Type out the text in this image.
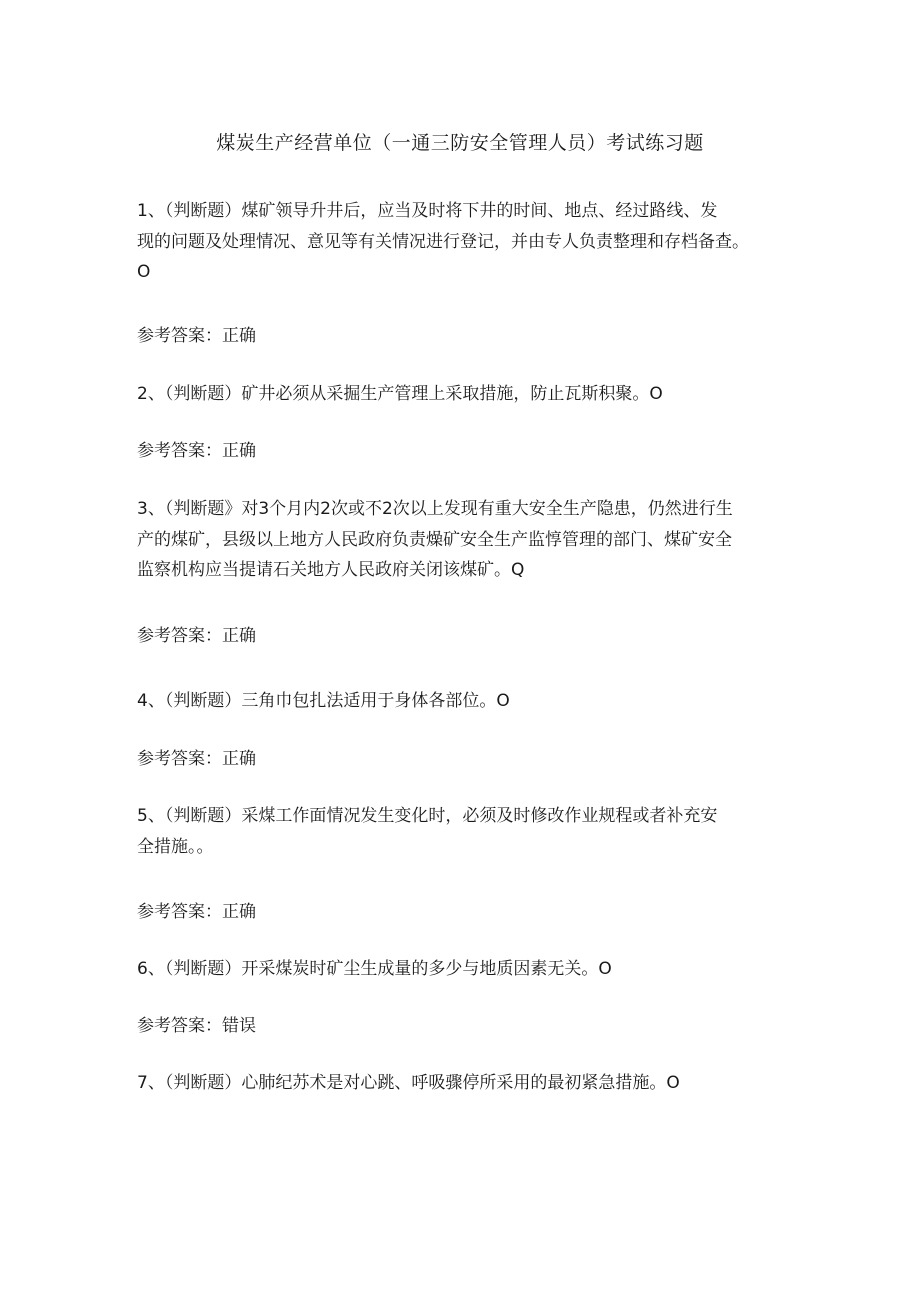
煤炭生产经营单位（一通三防安全管理人员）考试练习题
1、（判断题）煤矿领导升井后，应当及时将下井的时间、地点、经过路线、发
现的问题及处理情况、意见等有关情况进行登记，并由专人负责整理和存档备查。
O
参考答案：正确
2、（判断题）矿井必须从采掘生产管理上采取措施，防止瓦斯积聚。O
参考答案：正确
3、（判断题》对3个月内2次或不2次以上发现有重大安全生产隐患，仍然进行生
产的煤矿，县级以上地方人民政府负责燥矿安全生产监惇管理的部门、煤矿安全
监察机构应当提请石关地方人民政府关闭该煤矿。Q
参考答案：正确
4、（判断题）三角巾包扎法适用于身体各部位。O
参考答案：正确
5、（判断题）采煤工作面情况发生变化时，必须及时修改作业规程或者补充安
全措施。。
参考答案：正确
6、（判断题）开采煤炭时矿尘生成量的多少与地质因素无关。O
参考答案：错误
7、（判断题）心肺纪苏术是对心跳、呼吸骤停所采用的最初紧急措施。O
